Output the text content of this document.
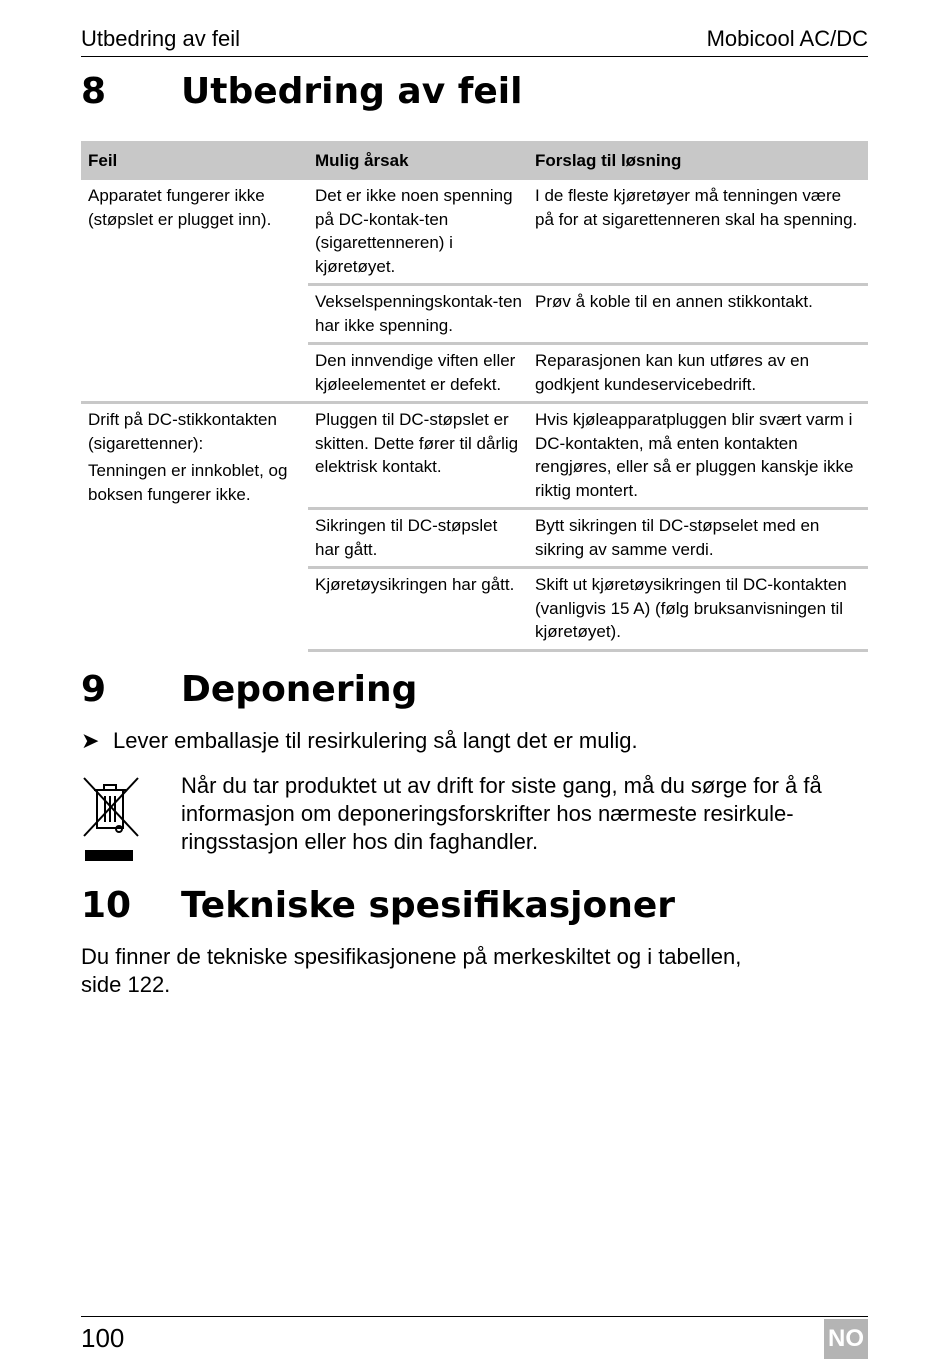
Utbedring av feil	Mobicool AC/DC
8 Utbedring av feil
Feil	Mulig årsak	Forslag til løsning

Apparatet fungerer ikke (støpslet er plugget inn).	Det er ikke noen spenning på DC-kontak-ten (sigarettenneren) i kjøretøyet.	I de fleste kjøretøyer må tenningen være på for at sigarettenneren skal ha spenning.
	Vekselspenningskontak-ten har ikke spenning.	Prøv å koble til en annen stikkontakt.
	Den innvendige viften eller kjøleelementet er defekt.	Reparasjonen kan kun utføres av en godkjent kundeservicebedrift.

Drift på DC-stikkontakten (sigarettenner):
Tenningen er innkoblet, og boksen fungerer ikke.	Pluggen til DC-støpslet er skitten. Dette fører til dårlig elektrisk kontakt.	Hvis kjøleapparatpluggen blir svært varm i DC-kontakten, må enten kontakten rengjøres, eller så er pluggen kanskje ikke riktig montert.
	Sikringen til DC-støpslet har gått.	Bytt sikringen til DC-støpselet med en sikring av samme verdi.
	Kjøretøysikringen har gått.	Skift ut kjøretøysikringen til DC-kontakten (vanligvis 15 A) (følg bruksanvisningen til kjøretøyet).
9 Deponering
➤ Lever emballasje til resirkulering så langt det er mulig.
Når du tar produktet ut av drift for siste gang, må du sørge for å få informasjon om deponeringsforskrifter hos nærmeste resirkule-ringsstasjon eller hos din faghandler.
10 Tekniske spesifikasjoner
Du finner de tekniske spesifikasjonene på merkeskiltet og i tabellen,
side 122.
100	NO
